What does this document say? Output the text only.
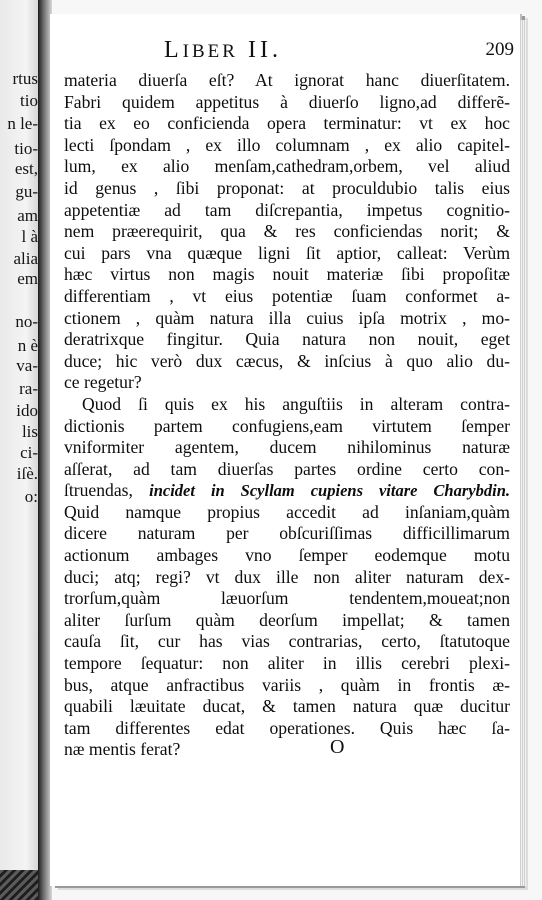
rtus
tio
n le-
tio-
est,
gu-
am
l à
alia
em
no-
n è
va-
ra-
ido
lis
ci-
iſè.
o:
LIBER II.	209
materia diuerſa eſt? At ignorat hanc diuerſitatem.
Fabri quidem appetitus à diuerſo ligno,ad differẽ-
tia ex eo conficienda opera terminatur: vt ex hoc
lecti ſpondam , ex illo columnam , ex alio capitel-
lum, ex alio menſam,cathedram,orbem, vel aliud
id genus , ſibi proponat: at proculdubio talis eius
appetentiæ ad tam diſcrepantia, impetus cognitio-
nem præerequirit, qua & res conficiendas norit; &
cui pars vna quæque ligni ſit aptior, calleat: Verùm
hæc virtus non magis nouit materiæ ſibi propoſitæ
differentiam , vt eius potentiæ ſuam conformet a-
ctionem , quàm natura illa cuius ipſa motrix , mo-
deratrixque fingitur. Quia natura non nouit, eget
duce; hic verò dux cæcus, & inſcius à quo alio du-
ce regetur?
Quod ſi quis ex his anguſtiis in alteram contra-
dictionis partem confugiens,eam virtutem ſemper
vniformiter agentem, ducem nihilominus naturæ
aſſerat, ad tam diuerſas partes ordine certo con-
ſtruendas, incidet in Scyllam cupiens vitare Charybdin.
Quid namque propius accedit ad inſaniam,quàm
dicere naturam per obſcuriſſimas difficillimarum
actionum ambages vno ſemper eodemque motu
duci; atq; regi? vt dux ille non aliter naturam dex-
trorſum,quàm læuorſum tendentem,moueat;non
aliter ſurſum quàm deorſum impellat; & tamen
cauſa ſit, cur has vias contrarias, certo, ſtatutoque
tempore ſequatur: non aliter in illis cerebri plexi-
bus, atque anfractibus variis , quàm in frontis æ-
quabili læuitate ducat, & tamen natura quæ ducitur
tam differentes edat operationes. Quis hæc ſa-
næ mentis ferat?	O
